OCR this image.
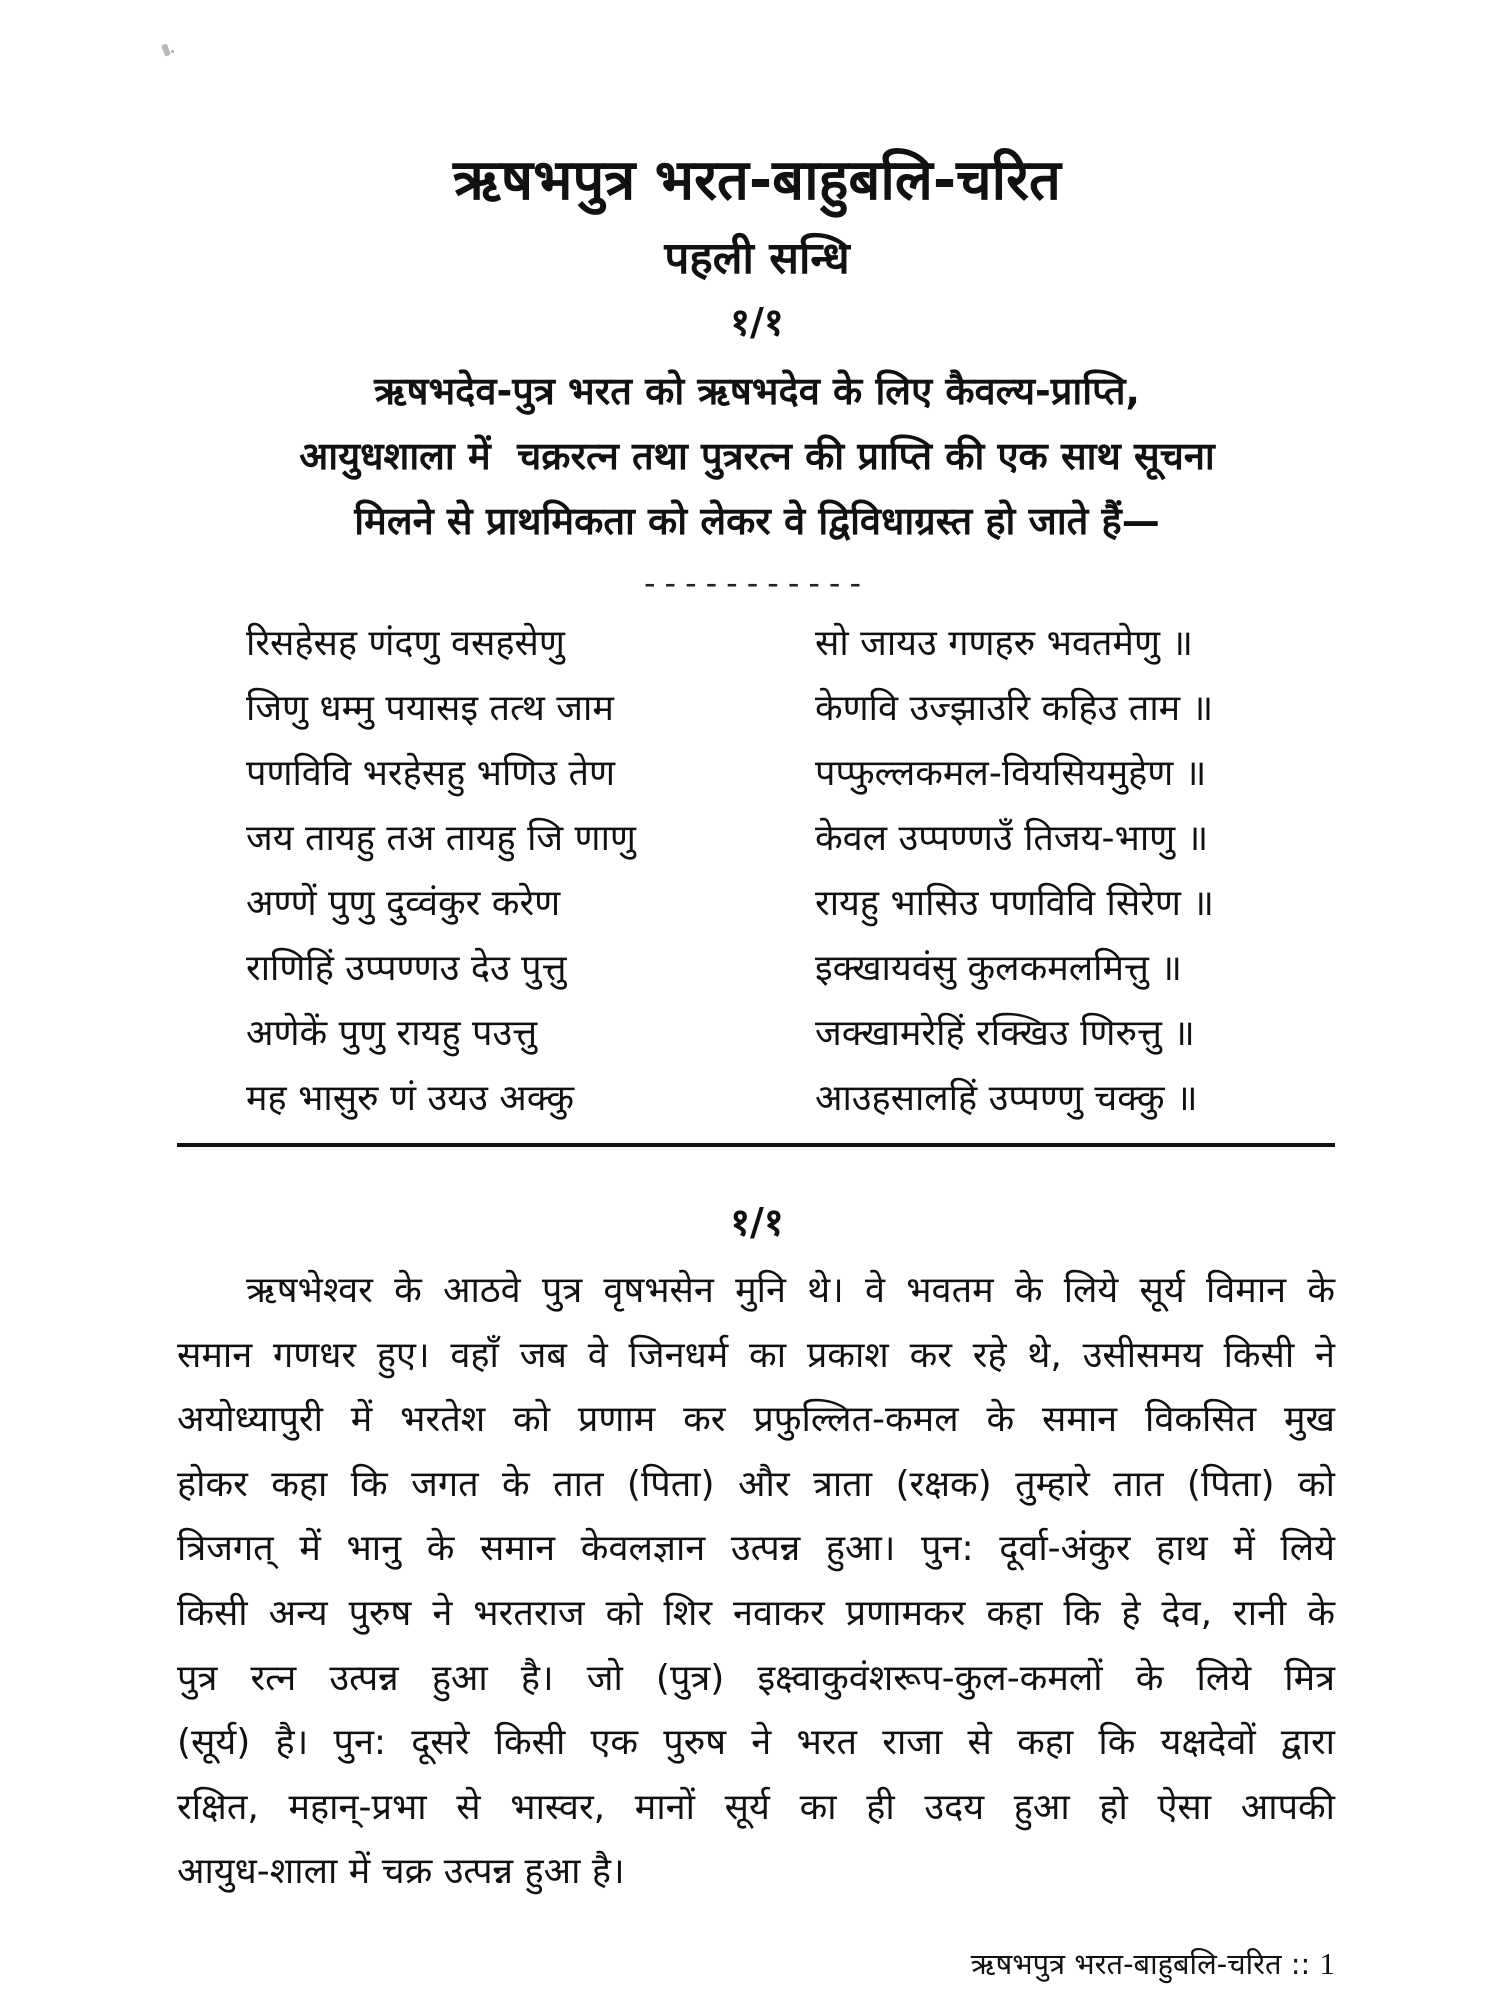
ऋषभपुत्र भरत-बाहुबलि-चरित
पहली सन्धि
१/१
ऋषभदेव-पुत्र भरत को ऋषभदेव के लिए कैवल्य-प्राप्ति,
आयुधशाला में  चक्ररत्न तथा पुत्ररत्न की प्राप्ति की एक साथ सूचना
मिलने से प्राथमिकता को लेकर वे द्विविधाग्रस्त हो जाते हैं—
-----------
रिसहेसह णंदणु वसहसेणु	सो जायउ गणहरु भवतमेणु ॥
जिणु धम्मु पयासइ तत्थ जाम	केणवि उज्झाउरि कहिउ ताम ॥
पणविवि भरहेसहु भणिउ तेण	पप्फुल्लकमल-वियसियमुहेण ॥
जय तायहु तअ तायहु जि णाणु	केवल उप्पण्णउँ तिजय-भाणु ॥
अण्णें पुणु दुव्वंकुर करेण	रायहु भासिउ पणविवि सिरेण ॥
राणिहिं उप्पण्णउ देउ पुत्तु	इक्खायवंसु कुलकमलमित्तु ॥
अणेकें पुणु रायहु पउत्तु	जक्खामरेहिं रक्खिउ णिरुत्तु ॥
मह भासुरु णं उयउ अक्कु	आउहसालहिं उप्पण्णु चक्कु ॥
१/१
ऋषभेश्वर के आठवे पुत्र वृषभसेन मुनि थे। वे भवतम के लिये सूर्य विमान के
समान गणधर हुए। वहाँ जब वे जिनधर्म का प्रकाश कर रहे थे, उसीसमय किसी ने
अयोध्यापुरी में भरतेश को प्रणाम कर प्रफुल्लित-कमल के समान विकसित मुख
होकर कहा कि जगत के तात (पिता) और त्राता (रक्षक) तुम्हारे तात (पिता) को
त्रिजगत् में भानु के समान केवलज्ञान उत्पन्न हुआ। पुन: दूर्वा-अंकुर हाथ में लिये
किसी अन्य पुरुष ने भरतराज को शिर नवाकर प्रणामकर कहा कि हे देव, रानी के
पुत्र रत्न उत्पन्न हुआ है। जो (पुत्र) इक्ष्वाकुवंशरूप-कुल-कमलों के लिये मित्र
(सूर्य) है। पुन: दूसरे किसी एक पुरुष ने भरत राजा से कहा कि यक्षदेवों द्वारा
रक्षित, महान्-प्रभा से भास्वर, मानों सूर्य का ही उदय हुआ हो ऐसा आपकी
आयुध-शाला में चक्र उत्पन्न हुआ है।
ऋषभपुत्र भरत-बाहुबलि-चरित :: 1
